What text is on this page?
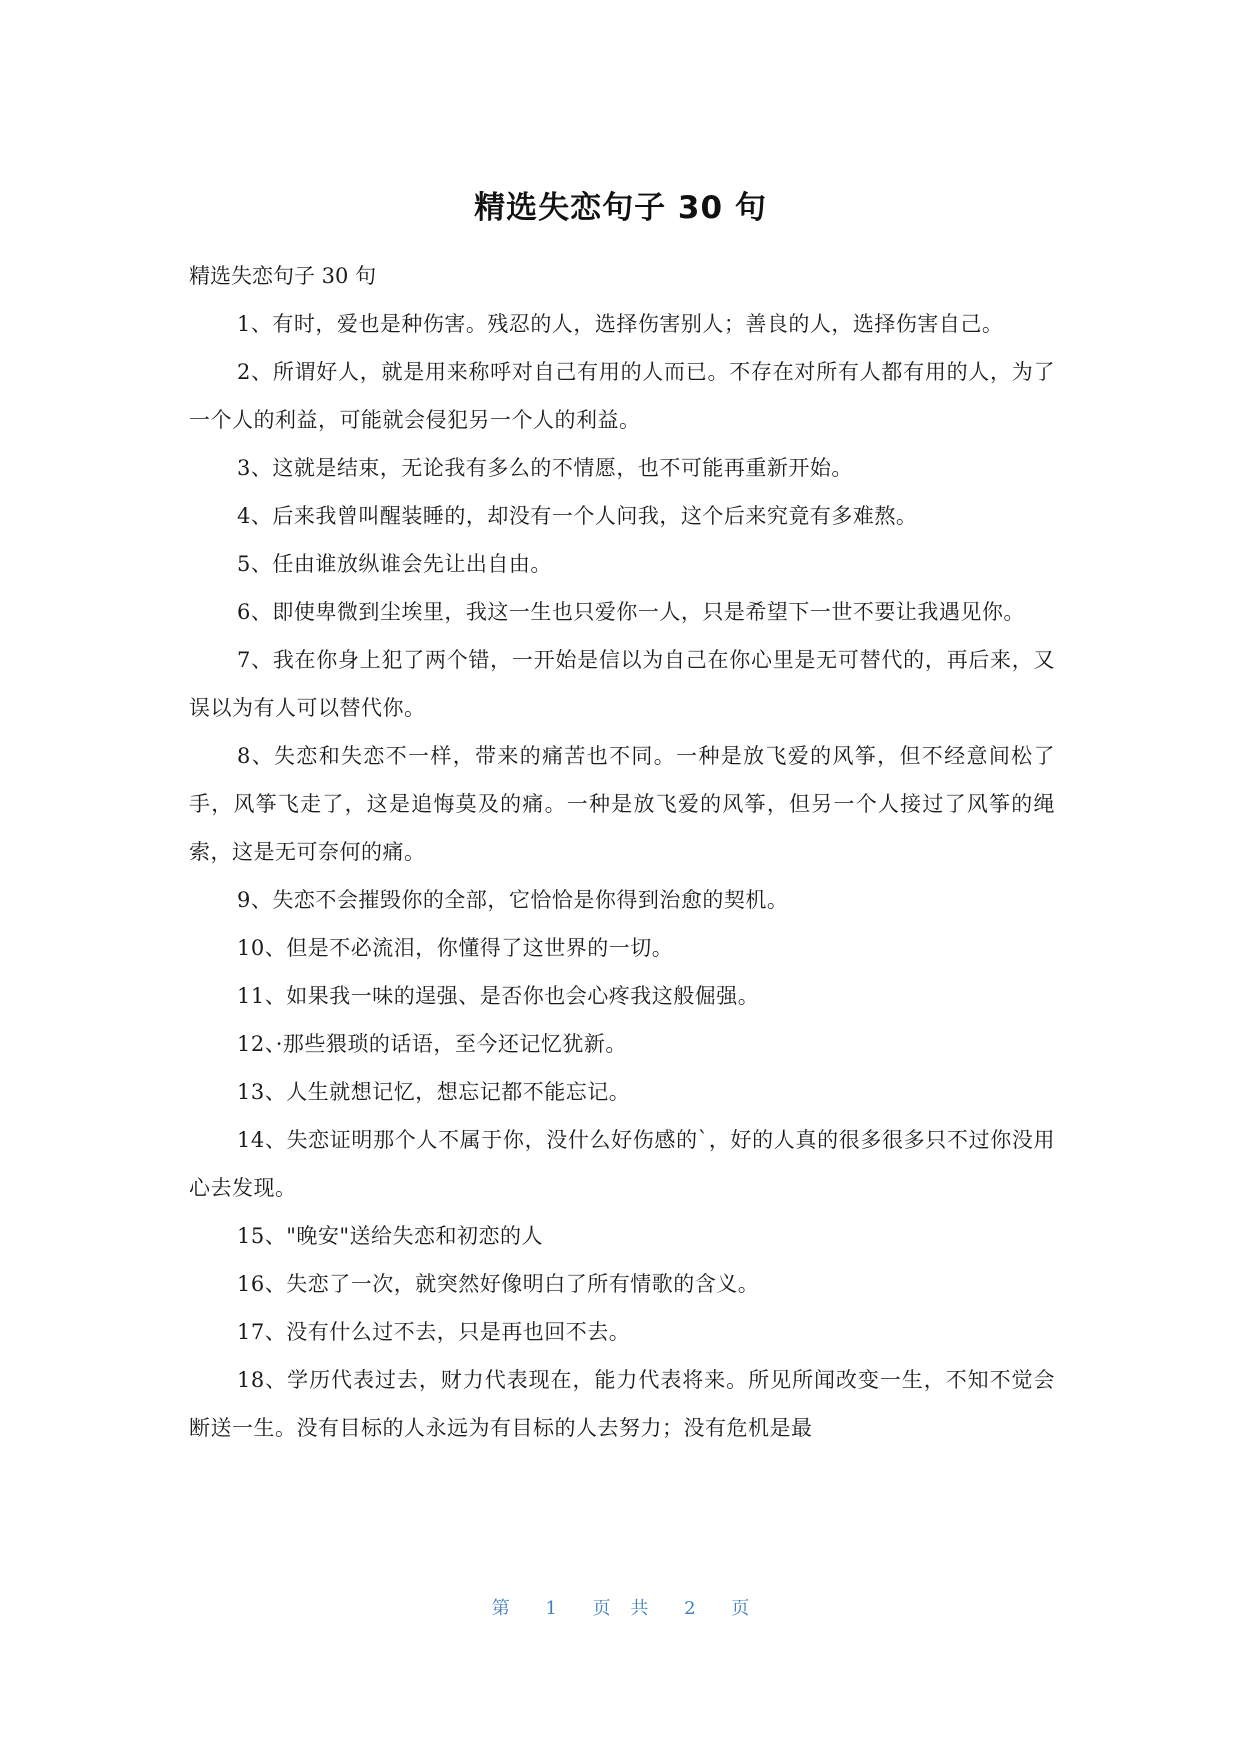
精选失恋句子 30 句

精选失恋句子 30 句

1、有时，爱也是种伤害。残忍的人，选择伤害别人；善良的人，选择伤害自己。

2、所谓好人，就是用来称呼对自己有用的人而已。不存在对所有人都有用的人，为了一个人的利益，可能就会侵犯另一个人的利益。

3、这就是结束，无论我有多么的不情愿，也不可能再重新开始。

4、后来我曾叫醒装睡的，却没有一个人问我，这个后来究竟有多难熬。

5、任由谁放纵谁会先让出自由。

6、即使卑微到尘埃里，我这一生也只爱你一人，只是希望下一世不要让我遇见你。

7、我在你身上犯了两个错，一开始是信以为自己在你心里是无可替代的，再后来，又误以为有人可以替代你。

8、失恋和失恋不一样，带来的痛苦也不同。一种是放飞爱的风筝，但不经意间松了手，风筝飞走了，这是追悔莫及的痛。一种是放飞爱的风筝，但另一个人接过了风筝的绳索，这是无可奈何的痛。

9、失恋不会摧毁你的全部，它恰恰是你得到治愈的契机。

10、但是不必流泪，你懂得了这世界的一切。

11、如果我一味的逞强、是否你也会心疼我这般倔强。

12、·那些猥琐的话语，至今还记忆犹新。

13、人生就想记忆，想忘记都不能忘记。

14、失恋证明那个人不属于你，没什么好伤感的`，好的人真的很多很多只不过你没用心去发现。

15、"晚安"送给失恋和初恋的人

16、失恋了一次，就突然好像明白了所有情歌的含义。

17、没有什么过不去，只是再也回不去。

18、学历代表过去，财力代表现在，能力代表将来。所见所闻改变一生，不知不觉会断送一生。没有目标的人永远为有目标的人去努力；没有危机是最

第 1 页 共 2 页
